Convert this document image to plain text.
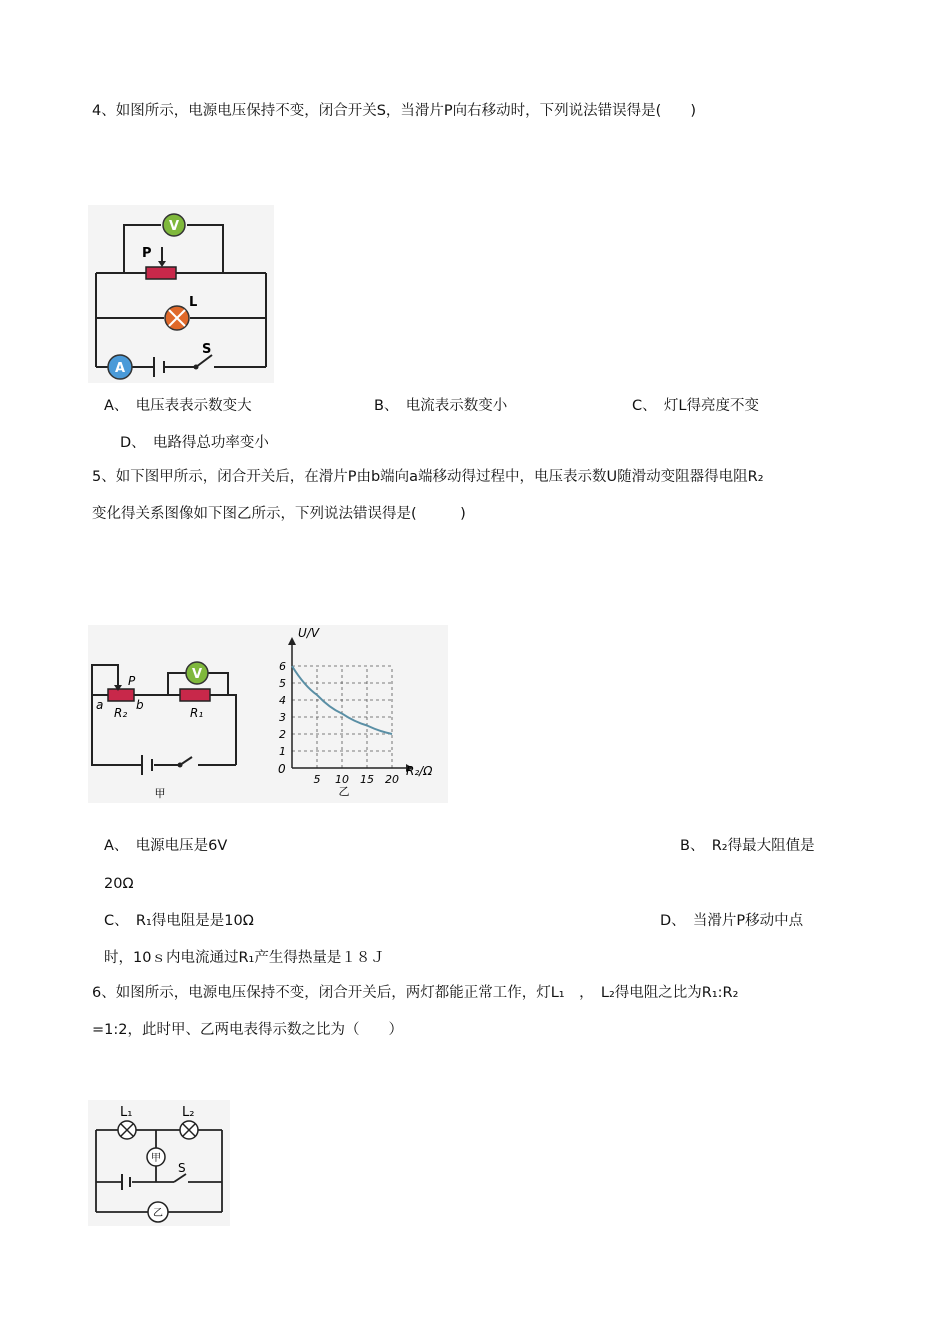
4、如图所示，电源电压保持不变，闭合开关S，当滑片P向右移动时，下列说法错误得是(　　)
V
A
P
L
S
A、　电压表表示数变大	B、　电流表示数变小	C、　灯L得亮度不变
D、　电路得总功率变小
5、如下图甲所示，闭合开关后，在滑片P由b端向a端移动得过程中，电压表示数U随滑动变阻器得电阻R₂
变化得关系图像如下图乙所示，下列说法错误得是(　　　)
V
P
a	b
R₂	R₁
甲
1
2
3
4
5
6
5 10 15 20
U/V
R₂/Ω
0
乙
A、　电源电压是6V	B、　R₂得最大阻值是
20Ω
C、　R₁得电阻是是10Ω	D、　当滑片P移动中点
时，10ｓ内电流通过R₁产生得热量是１８Ｊ
6、如图所示，电源电压保持不变，闭合开关后，两灯都能正常工作，灯L₁　，　L₂得电阻之比为R₁:R₂
=1:2，此时甲、乙两电表得示数之比为（　　）
甲
乙
L₁	L₂
S
